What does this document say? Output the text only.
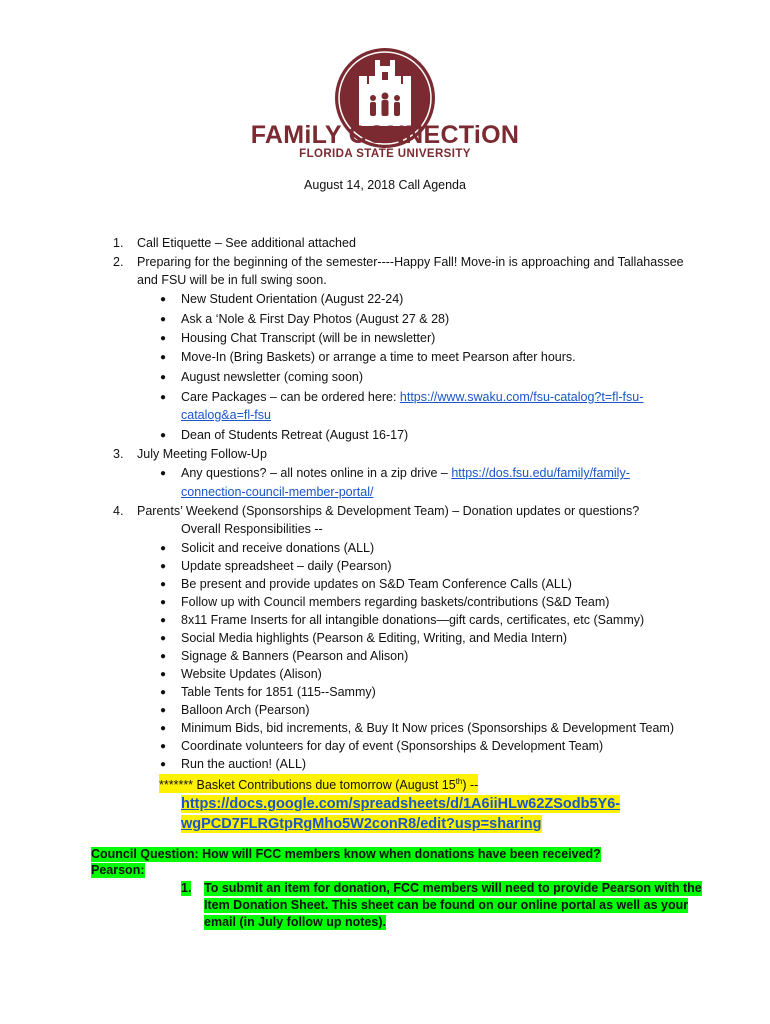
FAMiLY CONNECTiON
FLORIDA STATE UNIVERSITY
August 14, 2018 Call Agenda
1. Call Etiquette – See additional attached
2. Preparing for the beginning of the semester----Happy Fall! Move-in is approaching and Tallahassee
and FSU will be in full swing soon.
● New Student Orientation (August 22-24)
● Ask a ‘Nole & First Day Photos (August 27 & 28)
● Housing Chat Transcript (will be in newsletter)
● Move-In (Bring Baskets) or arrange a time to meet Pearson after hours.
● August newsletter (coming soon)
● Care Packages – can be ordered here: https://www.swaku.com/fsu-catalog?t=fl-fsu-
catalog&a=fl-fsu
● Dean of Students Retreat (August 16-17)
3. July Meeting Follow-Up
● Any questions? – all notes online in a zip drive – https://dos.fsu.edu/family/family-
connection-council-member-portal/
4. Parents’ Weekend (Sponsorships & Development Team) – Donation updates or questions?
Overall Responsibilities --
● Solicit and receive donations (ALL)
● Update spreadsheet – daily (Pearson)
● Be present and provide updates on S&D Team Conference Calls (ALL)
● Follow up with Council members regarding baskets/contributions (S&D Team)
● 8x11 Frame Inserts for all intangible donations—gift cards, certificates, etc (Sammy)
● Social Media highlights (Pearson & Editing, Writing, and Media Intern)
● Signage & Banners (Pearson and Alison)
● Website Updates (Alison)
● Table Tents for 1851 (115--Sammy)
● Balloon Arch (Pearson)
● Minimum Bids, bid increments, & Buy It Now prices (Sponsorships & Development Team)
● Coordinate volunteers for day of event (Sponsorships & Development Team)
● Run the auction! (ALL)
******* Basket Contributions due tomorrow (August 15th) --
https://docs.google.com/spreadsheets/d/1A6iiHLw62ZSodb5Y6-
wgPCD7FLRGtpRgMho5W2conR8/edit?usp=sharing
Council Question: How will FCC members know when donations have been received?
Pearson:
1. To submit an item for donation, FCC members will need to provide Pearson with the
Item Donation Sheet. This sheet can be found on our online portal as well as your
email (in July follow up notes).
